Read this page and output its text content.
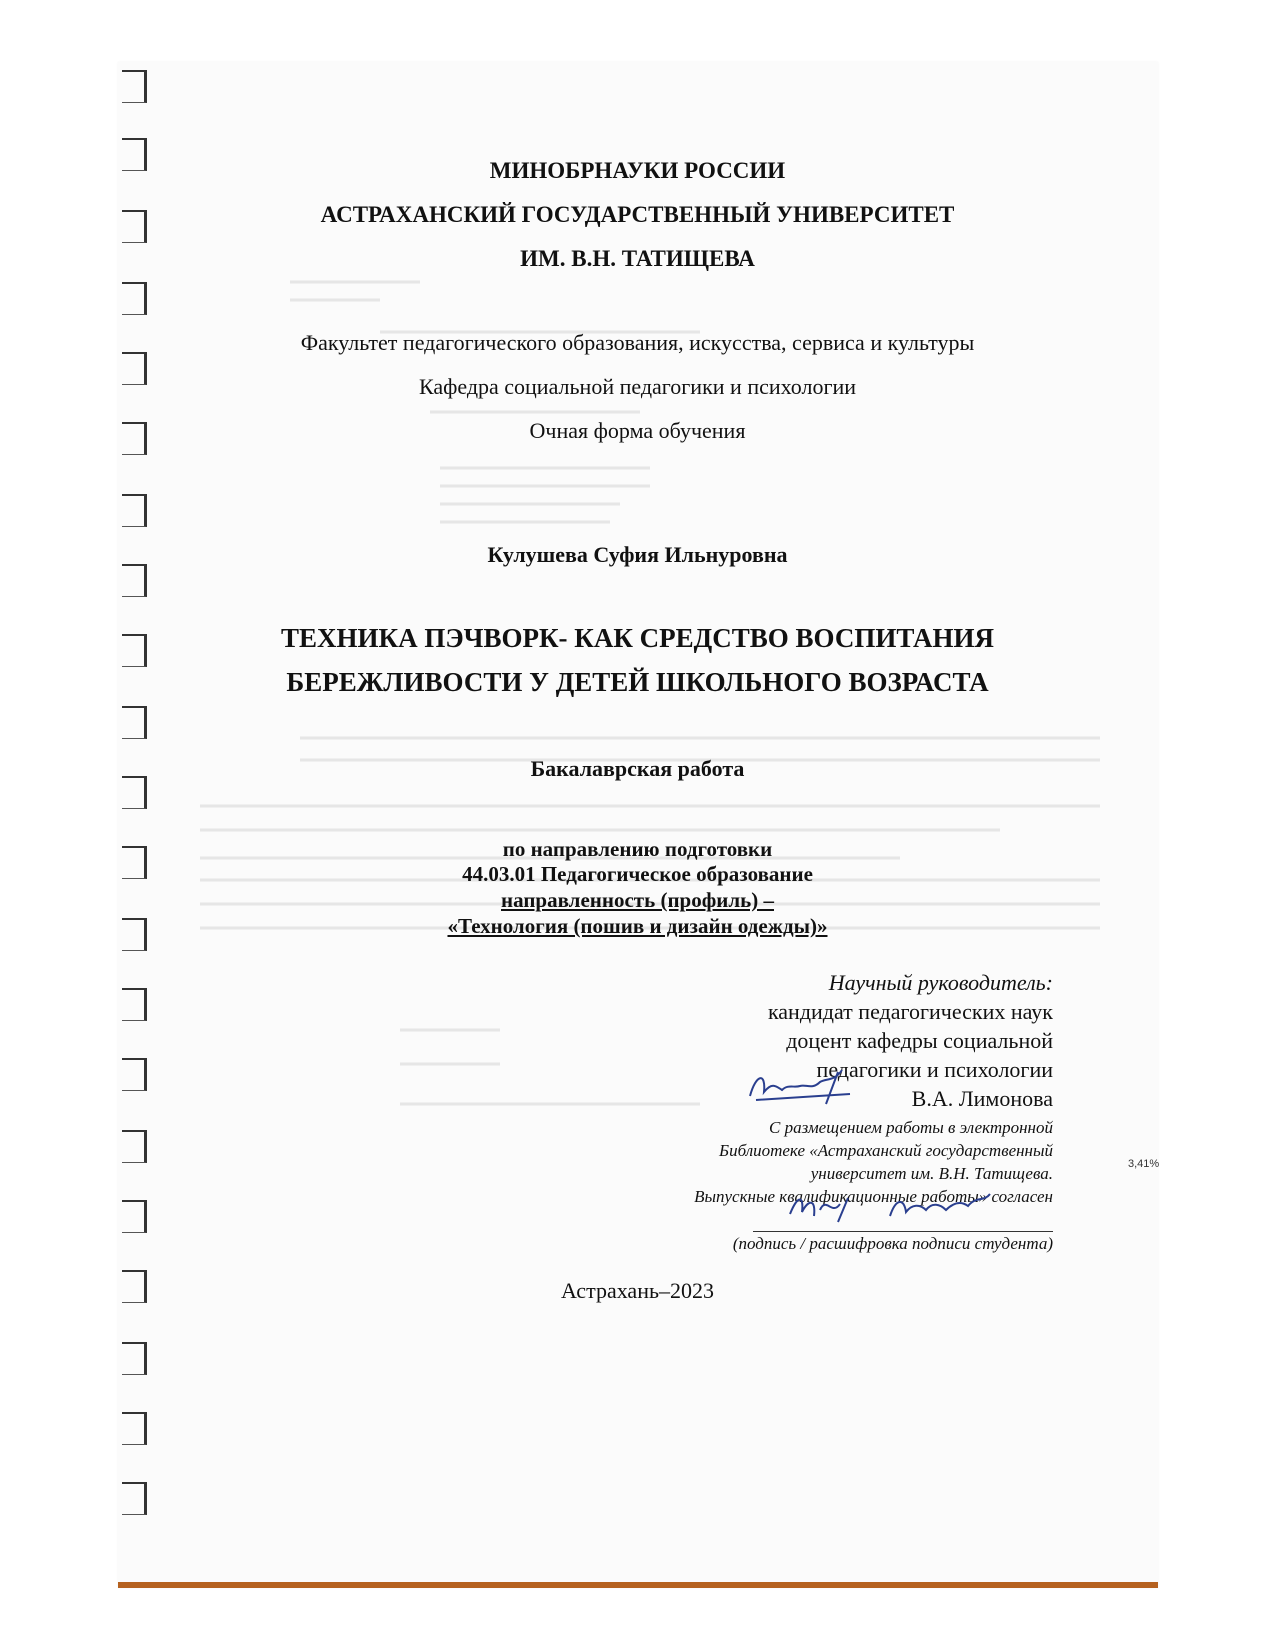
МИНОБРНАУКИ РОССИИ
АСТРАХАНСКИЙ ГОСУДАРСТВЕННЫЙ УНИВЕРСИТЕТ
ИМ. В.Н. ТАТИЩЕВА
Факультет педагогического образования, искусства, сервиса и культуры
Кафедра социальной педагогики и психологии
Очная форма обучения
Кулушева Суфия Ильнуровна
ТЕХНИКА ПЭЧВОРК- КАК СРЕДСТВО ВОСПИТАНИЯ
БЕРЕЖЛИВОСТИ У ДЕТЕЙ ШКОЛЬНОГО ВОЗРАСТА
Бакалаврская работа
по направлению подготовки
44.03.01 Педагогическое образование
направленность (профиль) –
«Технология (пошив и дизайн одежды)»
Научный руководитель:
кандидат педагогических наук
доцент кафедры социальной
педагогики и психологии
В.А. Лимонова
С размещением работы в электронной
Библиотеке «Астраханский государственный
университет им. В.Н. Татищева.
Выпускные квалификационные работы» согласен
(подпись / расшифровка подписи студента)
3,41%
Астрахань–2023
